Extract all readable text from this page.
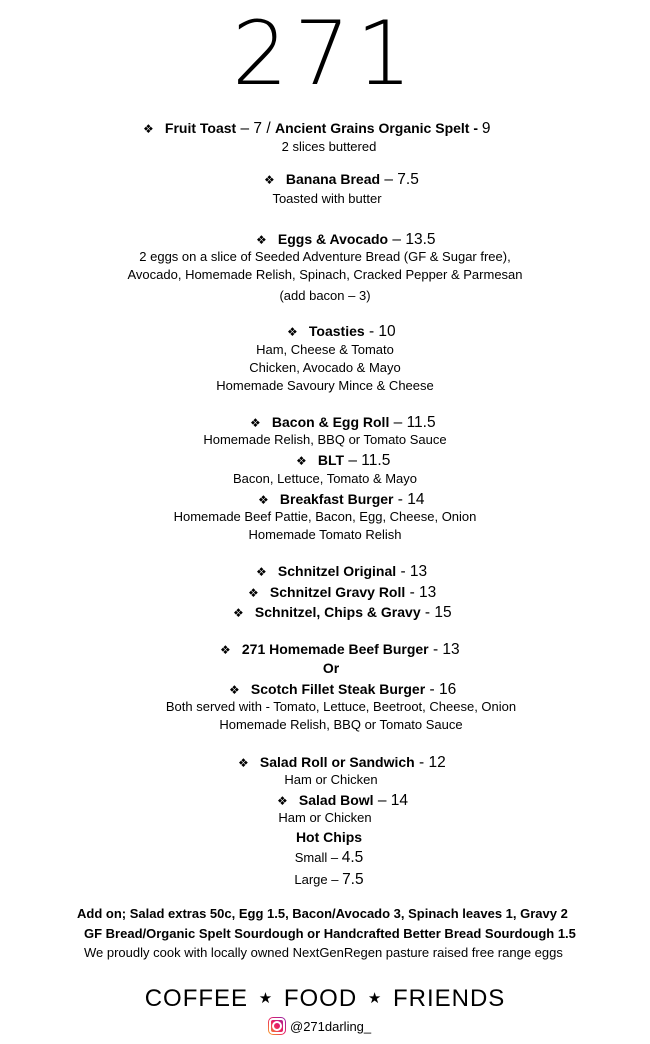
271
❖ Fruit Toast – 7 / Ancient Grains Organic Spelt - 9
2 slices buttered
❖ Banana Bread – 7.5
Toasted with butter
❖ Eggs & Avocado – 13.5
2 eggs on a slice of Seeded Adventure Bread (GF & Sugar free),
Avocado, Homemade Relish, Spinach, Cracked Pepper & Parmesan
(add bacon – 3)
❖ Toasties - 10
Ham, Cheese & Tomato
Chicken, Avocado & Mayo
Homemade Savoury Mince & Cheese
❖ Bacon & Egg Roll – 11.5
Homemade Relish, BBQ or Tomato Sauce
❖ BLT – 11.5
Bacon, Lettuce, Tomato & Mayo
❖ Breakfast Burger - 14
Homemade Beef Pattie, Bacon, Egg, Cheese, Onion
Homemade Tomato Relish
❖ Schnitzel Original - 13
❖ Schnitzel Gravy Roll - 13
❖ Schnitzel, Chips & Gravy - 15
❖ 271 Homemade Beef Burger - 13
Or
❖ Scotch Fillet Steak Burger - 16
Both served with - Tomato, Lettuce, Beetroot, Cheese, Onion
Homemade Relish, BBQ or Tomato Sauce
❖ Salad Roll or Sandwich - 12
Ham or Chicken
❖ Salad Bowl – 14
Ham or Chicken
Hot Chips
Small – 4.5
Large – 7.5
Add on; Salad extras 50c, Egg 1.5, Bacon/Avocado 3, Spinach leaves 1, Gravy 2
GF Bread/Organic Spelt Sourdough or Handcrafted Better Bread Sourdough 1.5
We proudly cook with locally owned NextGenRegen pasture raised free range eggs
COFFEE ★ FOOD ★ FRIENDS
@271darling_
